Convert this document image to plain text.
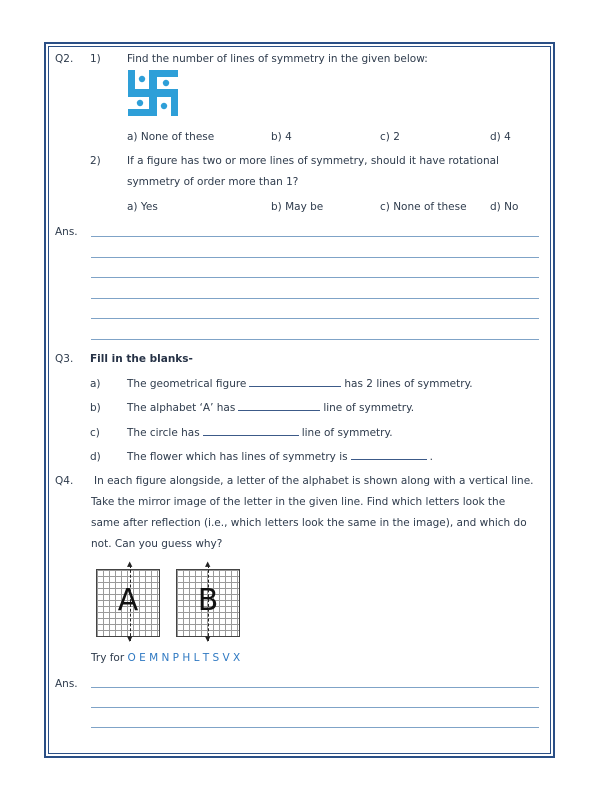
Q2. 1) Find the number of lines of symmetry in the given below:
a) None of these	b) 4	c) 2	d) 4
2) If a figure has two or more lines of symmetry, should it have rotational
symmetry of order more than 1?
a) Yes	b) May be	c) None of these d) No
Ans.
Q3. Fill in the blanks-
a)	The geometrical figure	has 2 lines of symmetry.
b) The alphabet ‘A’ has	line of symmetry.
c)	The circle has	line of symmetry.
d) The flower which has lines of symmetry is	.
Q4. In each figure alongside, a letter of the alphabet is shown along with a vertical line.
Take the mirror image of the letter in the given line. Find which letters look the
same after reflection (i.e., which letters look the same in the image), and which do
not. Can you guess why?
A
▲
▼
B
▲
▼
Try for O E M N P H L T S V X
Ans.
